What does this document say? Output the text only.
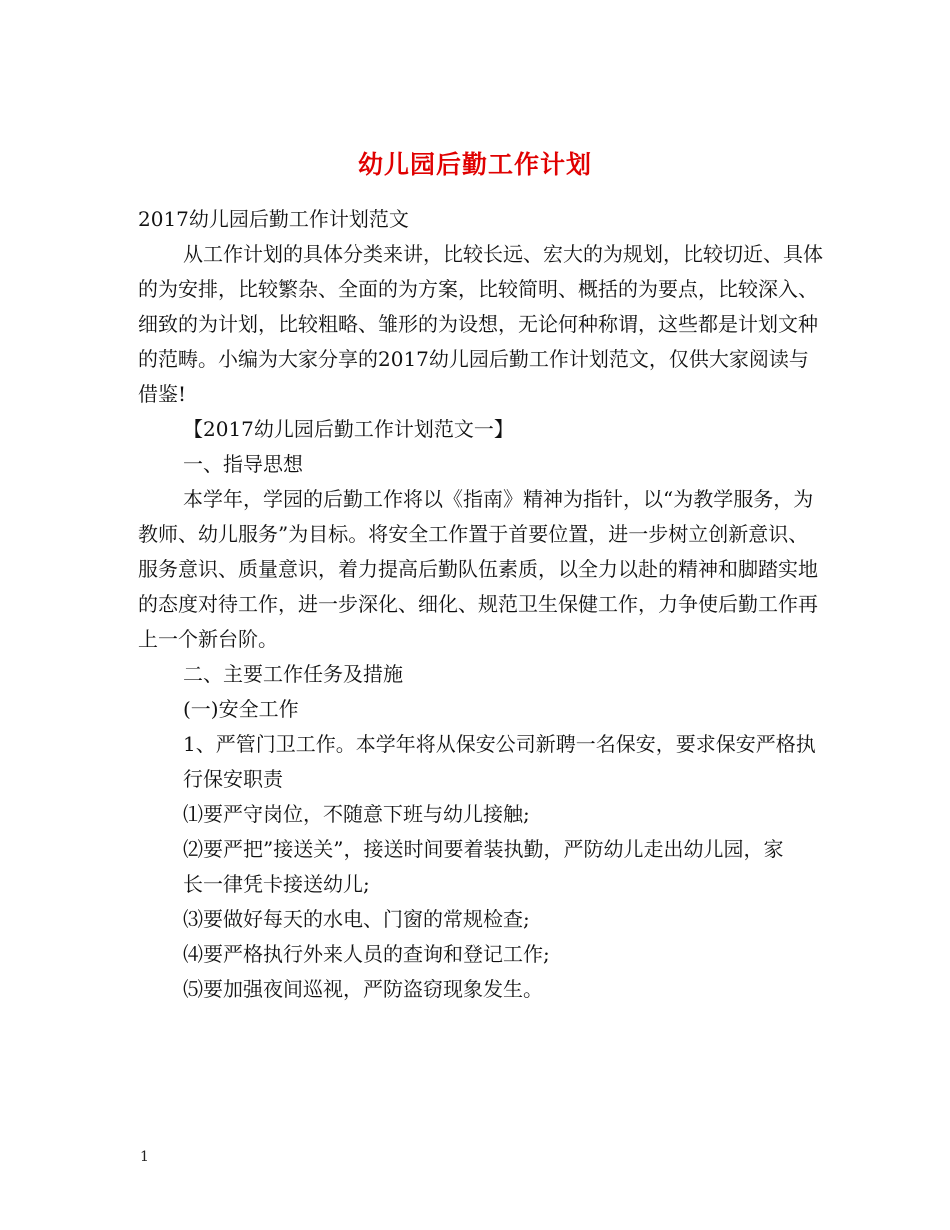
幼儿园后勤工作计划

2017幼儿园后勤工作计划范文

从工作计划的具体分类来讲，比较长远、宏大的为规划，比较切近、具体的为安排，比较繁杂、全面的为方案，比较简明、概括的为要点，比较深入、细致的为计划，比较粗略、雏形的为设想，无论何种称谓，这些都是计划文种的范畴。小编为大家分享的2017幼儿园后勤工作计划范文，仅供大家阅读与借鉴!

【2017幼儿园后勤工作计划范文一】

一、指导思想

本学年，学园的后勤工作将以《指南》精神为指针，以“为教学服务，为教师、幼儿服务”为目标。将安全工作置于首要位置，进一步树立创新意识、服务意识、质量意识，着力提高后勤队伍素质，以全力以赴的精神和脚踏实地的态度对待工作，进一步深化、细化、规范卫生保健工作，力争使后勤工作再上一个新台阶。

二、主要工作任务及措施

(一)安全工作

1、严管门卫工作。本学年将从保安公司新聘一名保安，要求保安严格执

行保安职责

⑴要严守岗位，不随意下班与幼儿接触;

⑵要严把”接送关”，接送时间要着装执勤，严防幼儿走出幼儿园，家

长一律凭卡接送幼儿;

⑶要做好每天的水电、门窗的常规检查;

⑷要严格执行外来人员的查询和登记工作;

⑸要加强夜间巡视，严防盗窃现象发生。

1
